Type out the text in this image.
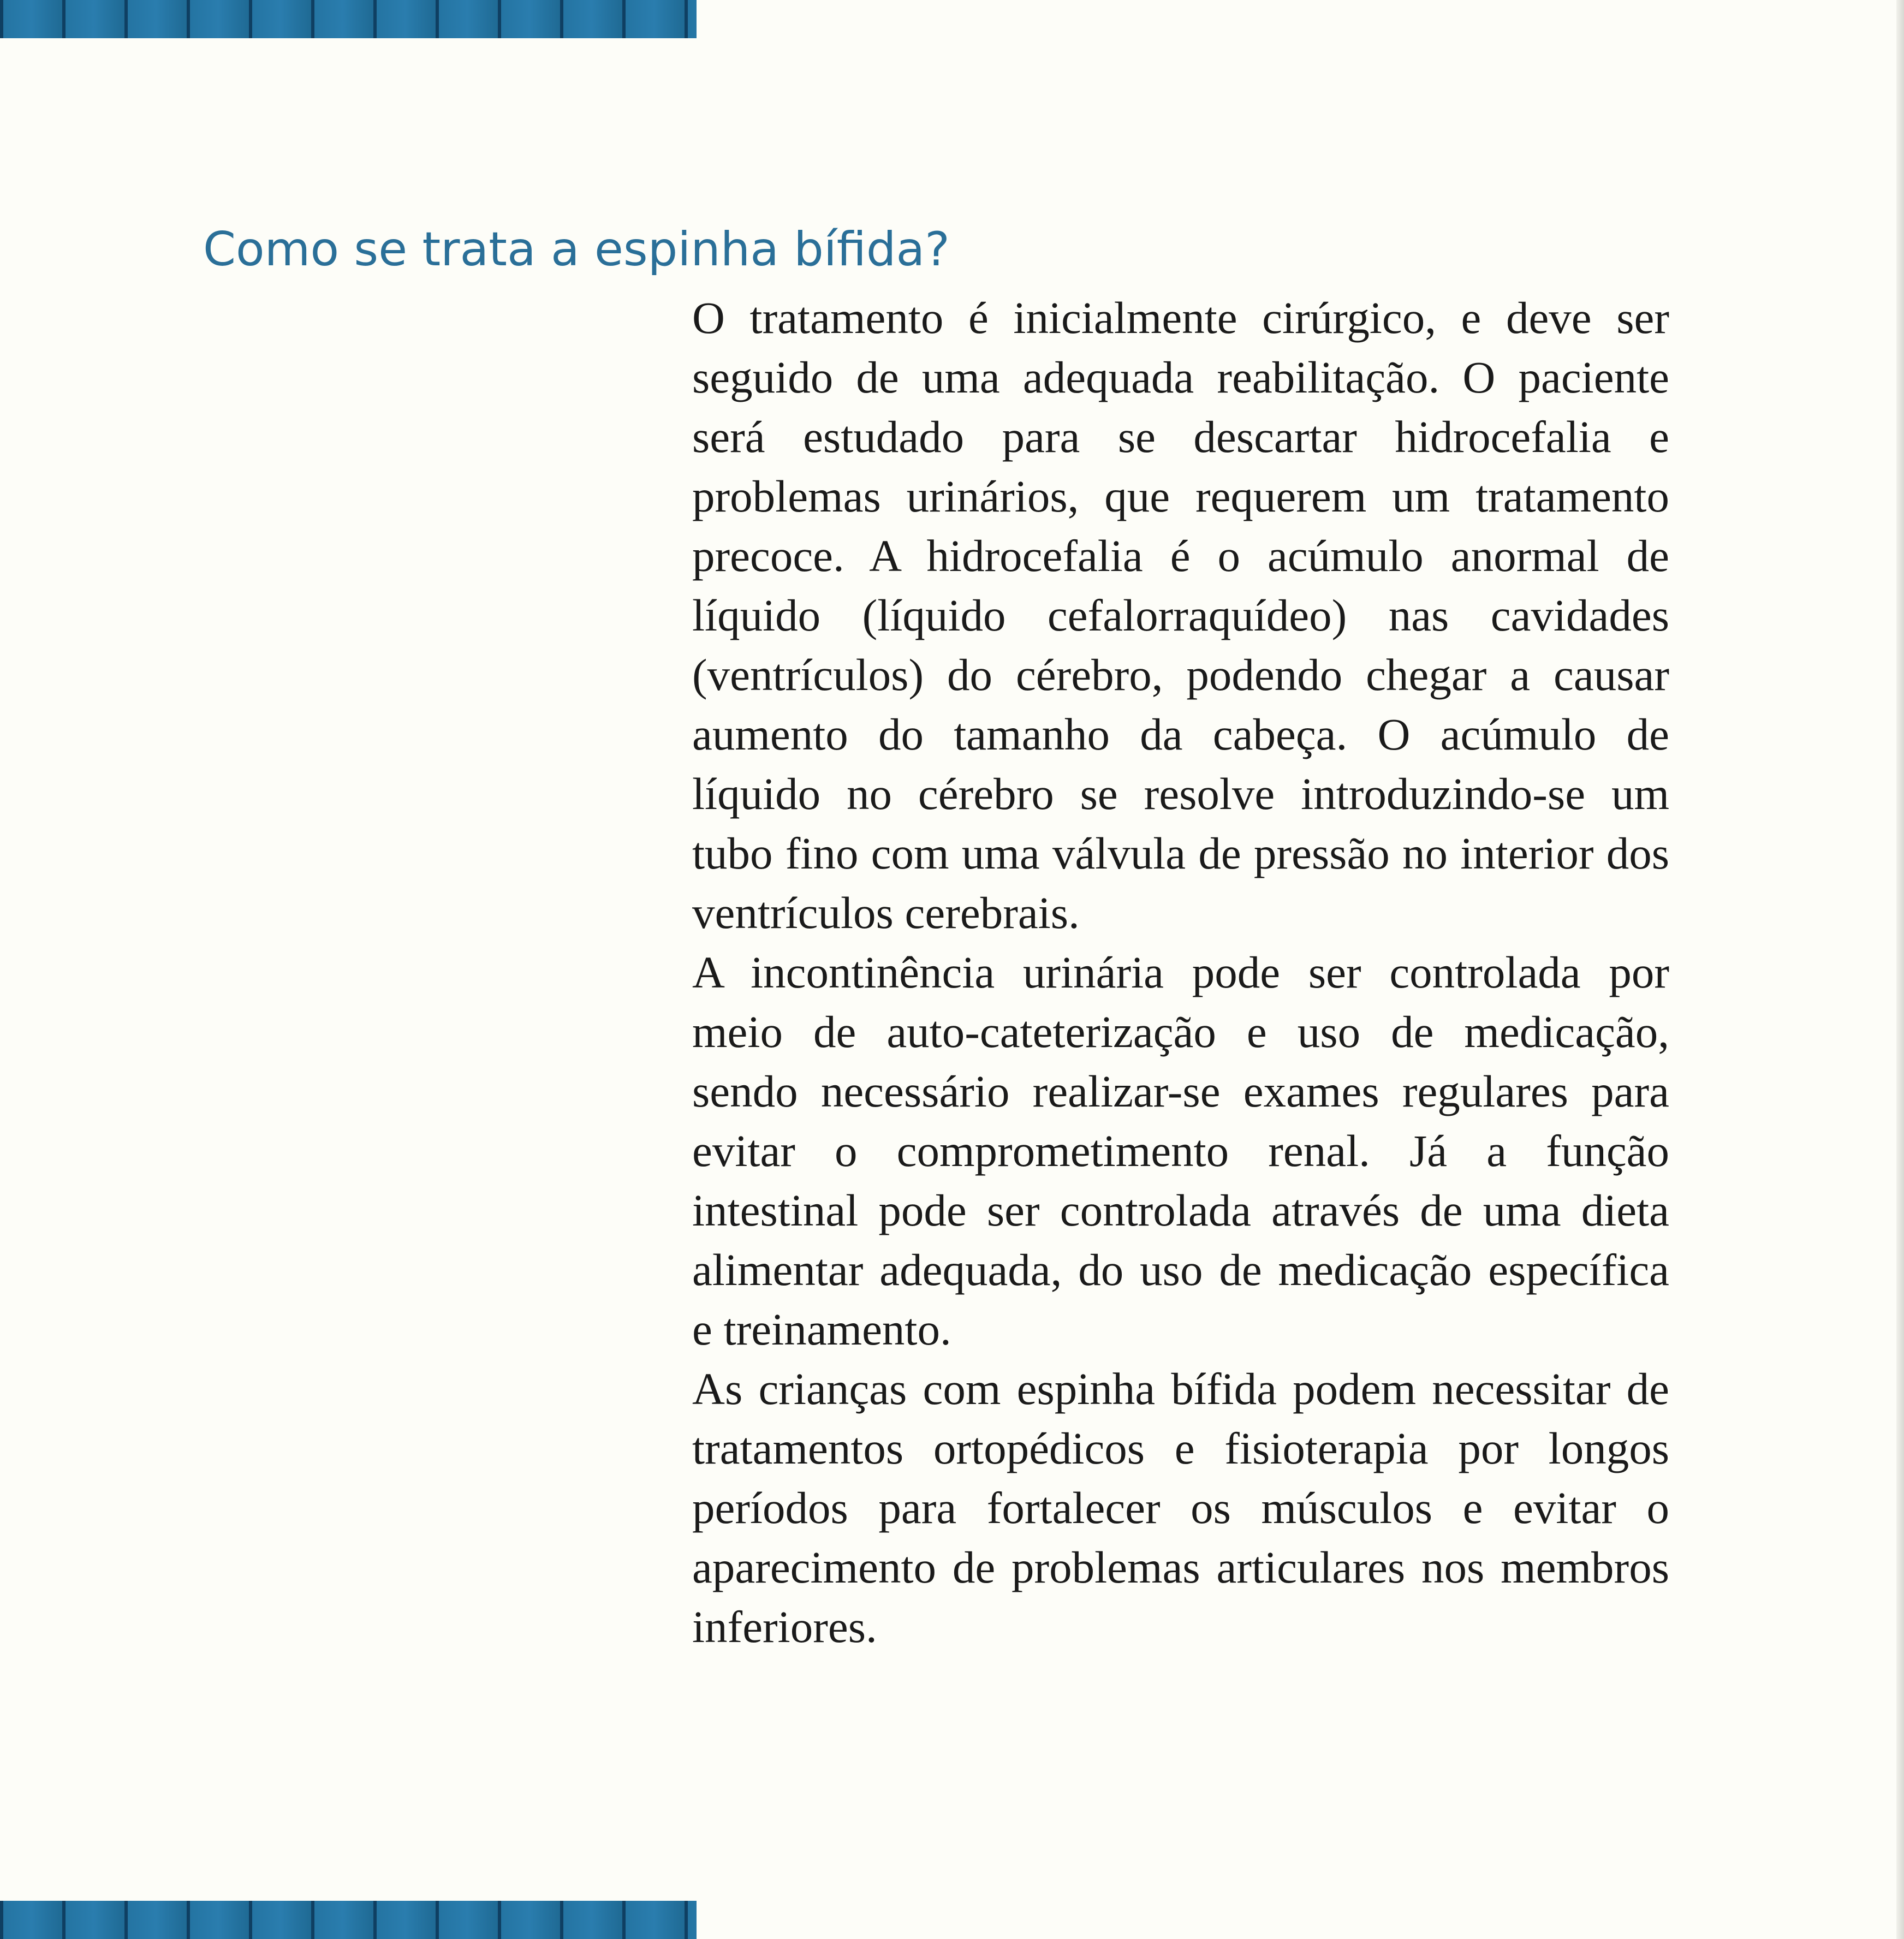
Como se trata a espinha bífida?

O tratamento é inicialmente cirúrgico, e deve ser seguido de uma adequada reabilitação. O paciente será estudado para se descartar hidrocefalia e problemas urinários, que requerem um tratamento precoce. A hidrocefalia é o acúmulo anormal de líquido (líquido cefalorraquídeo) nas cavidades (ventrículos) do cérebro, podendo chegar a causar aumento do tamanho da cabeça. O acúmulo de líquido no cérebro se resolve introduzindo-se um tubo fino com uma válvula de pressão no interior dos ventrículos cerebrais.

A incontinência urinária pode ser controlada por meio de auto-cateterização e uso de medicação, sendo necessário realizar-se exames regulares para evitar o comprometimento renal. Já a função intestinal pode ser controlada através de uma dieta alimentar adequada, do uso de medicação específica e treinamento.

As crianças com espinha bífida podem necessitar de tratamentos ortopédicos e fisioterapia por longos períodos para fortalecer os músculos e evitar o aparecimento de problemas articulares nos membros inferiores.
